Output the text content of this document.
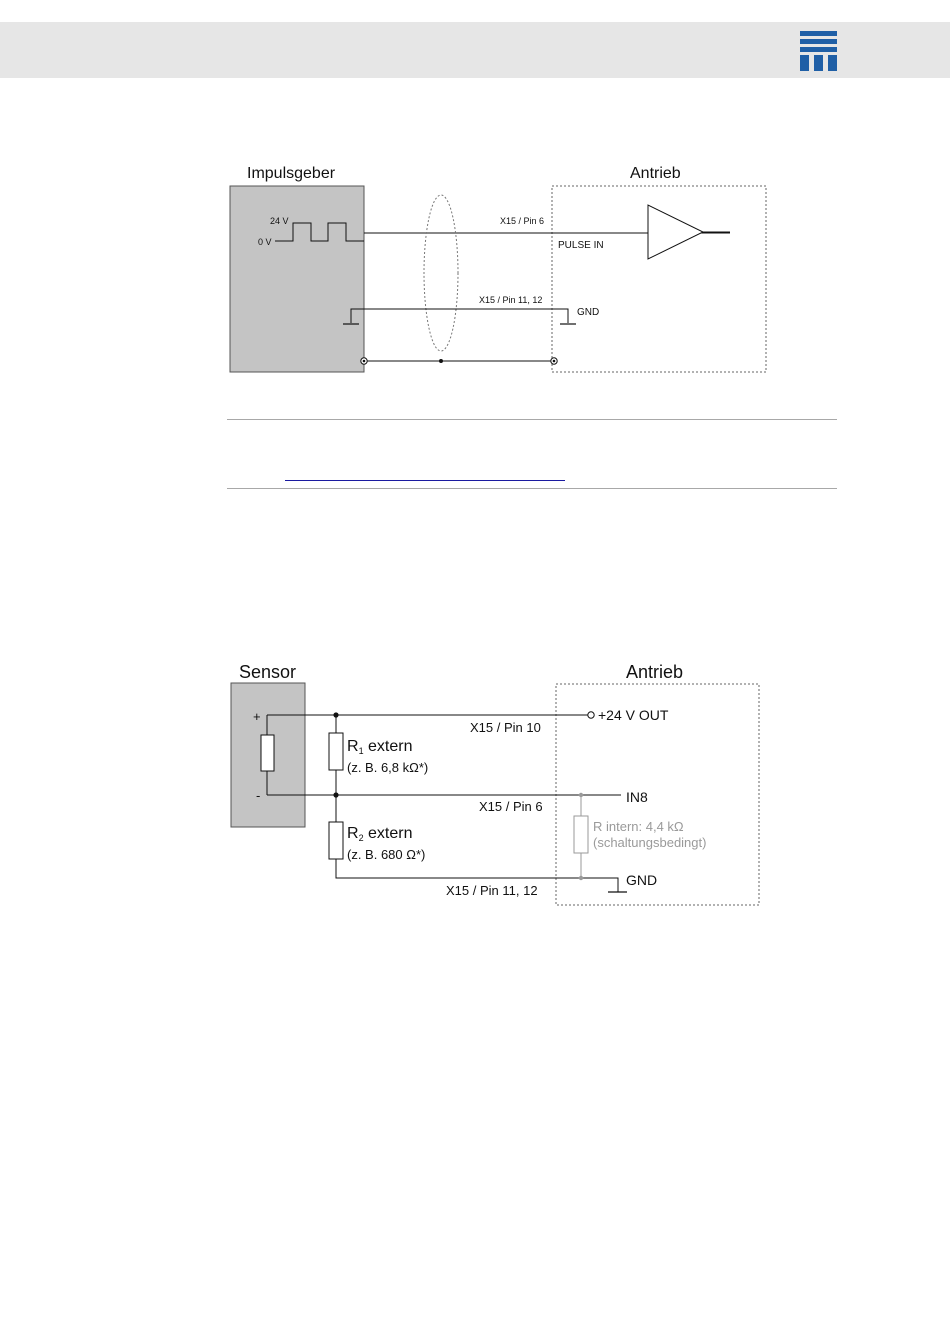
Impulsgeber	Antrieb
24 V
0 V
X15 / Pin 6
PULSE IN
X15 / Pin 11, 12
GND
Sensor	Antrieb
+
-
+24 V OUT
X15 / Pin 10
IN8
X15 / Pin 6
R1 extern
(z. B. 6,8 kΩ*)
R2 extern
(z. B. 680 Ω*)
GND
X15 / Pin 11, 12
R intern: 4,4 kΩ
(schaltungsbedingt)
